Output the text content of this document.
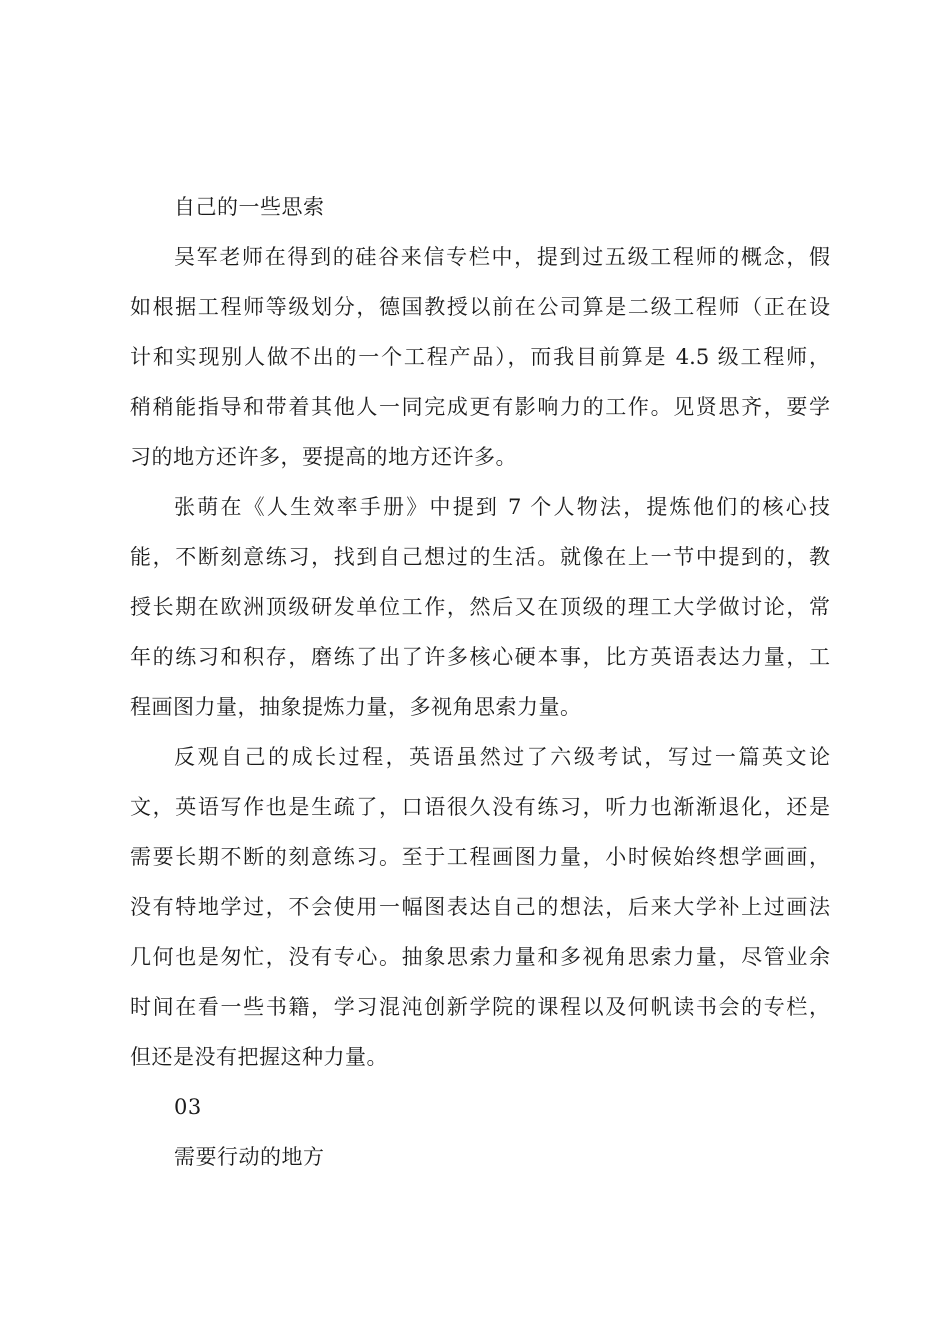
自己的一些思索
吴军老师在得到的硅谷来信专栏中，提到过五级工程师的概念，假
如根据工程师等级划分，德国教授以前在公司算是二级工程师（正在设
计和实现别人做不出的一个工程产品），而我目前算是 4.5 级工程师，
稍稍能指导和带着其他人一同完成更有影响力的工作。见贤思齐，要学
习的地方还许多，要提高的地方还许多。
张萌在《人生效率手册》中提到 7 个人物法，提炼他们的核心技
能，不断刻意练习，找到自己想过的生活。就像在上一节中提到的，教
授长期在欧洲顶级研发单位工作，然后又在顶级的理工大学做讨论，常
年的练习和积存，磨练了出了许多核心硬本事，比方英语表达力量，工
程画图力量，抽象提炼力量，多视角思索力量。
反观自己的成长过程，英语虽然过了六级考试，写过一篇英文论
文，英语写作也是生疏了，口语很久没有练习，听力也渐渐退化，还是
需要长期不断的刻意练习。至于工程画图力量，小时候始终想学画画，
没有特地学过，不会使用一幅图表达自己的想法，后来大学补上过画法
几何也是匆忙，没有专心。抽象思索力量和多视角思索力量，尽管业余
时间在看一些书籍，学习混沌创新学院的课程以及何帆读书会的专栏，
但还是没有把握这种力量。
03
需要行动的地方
